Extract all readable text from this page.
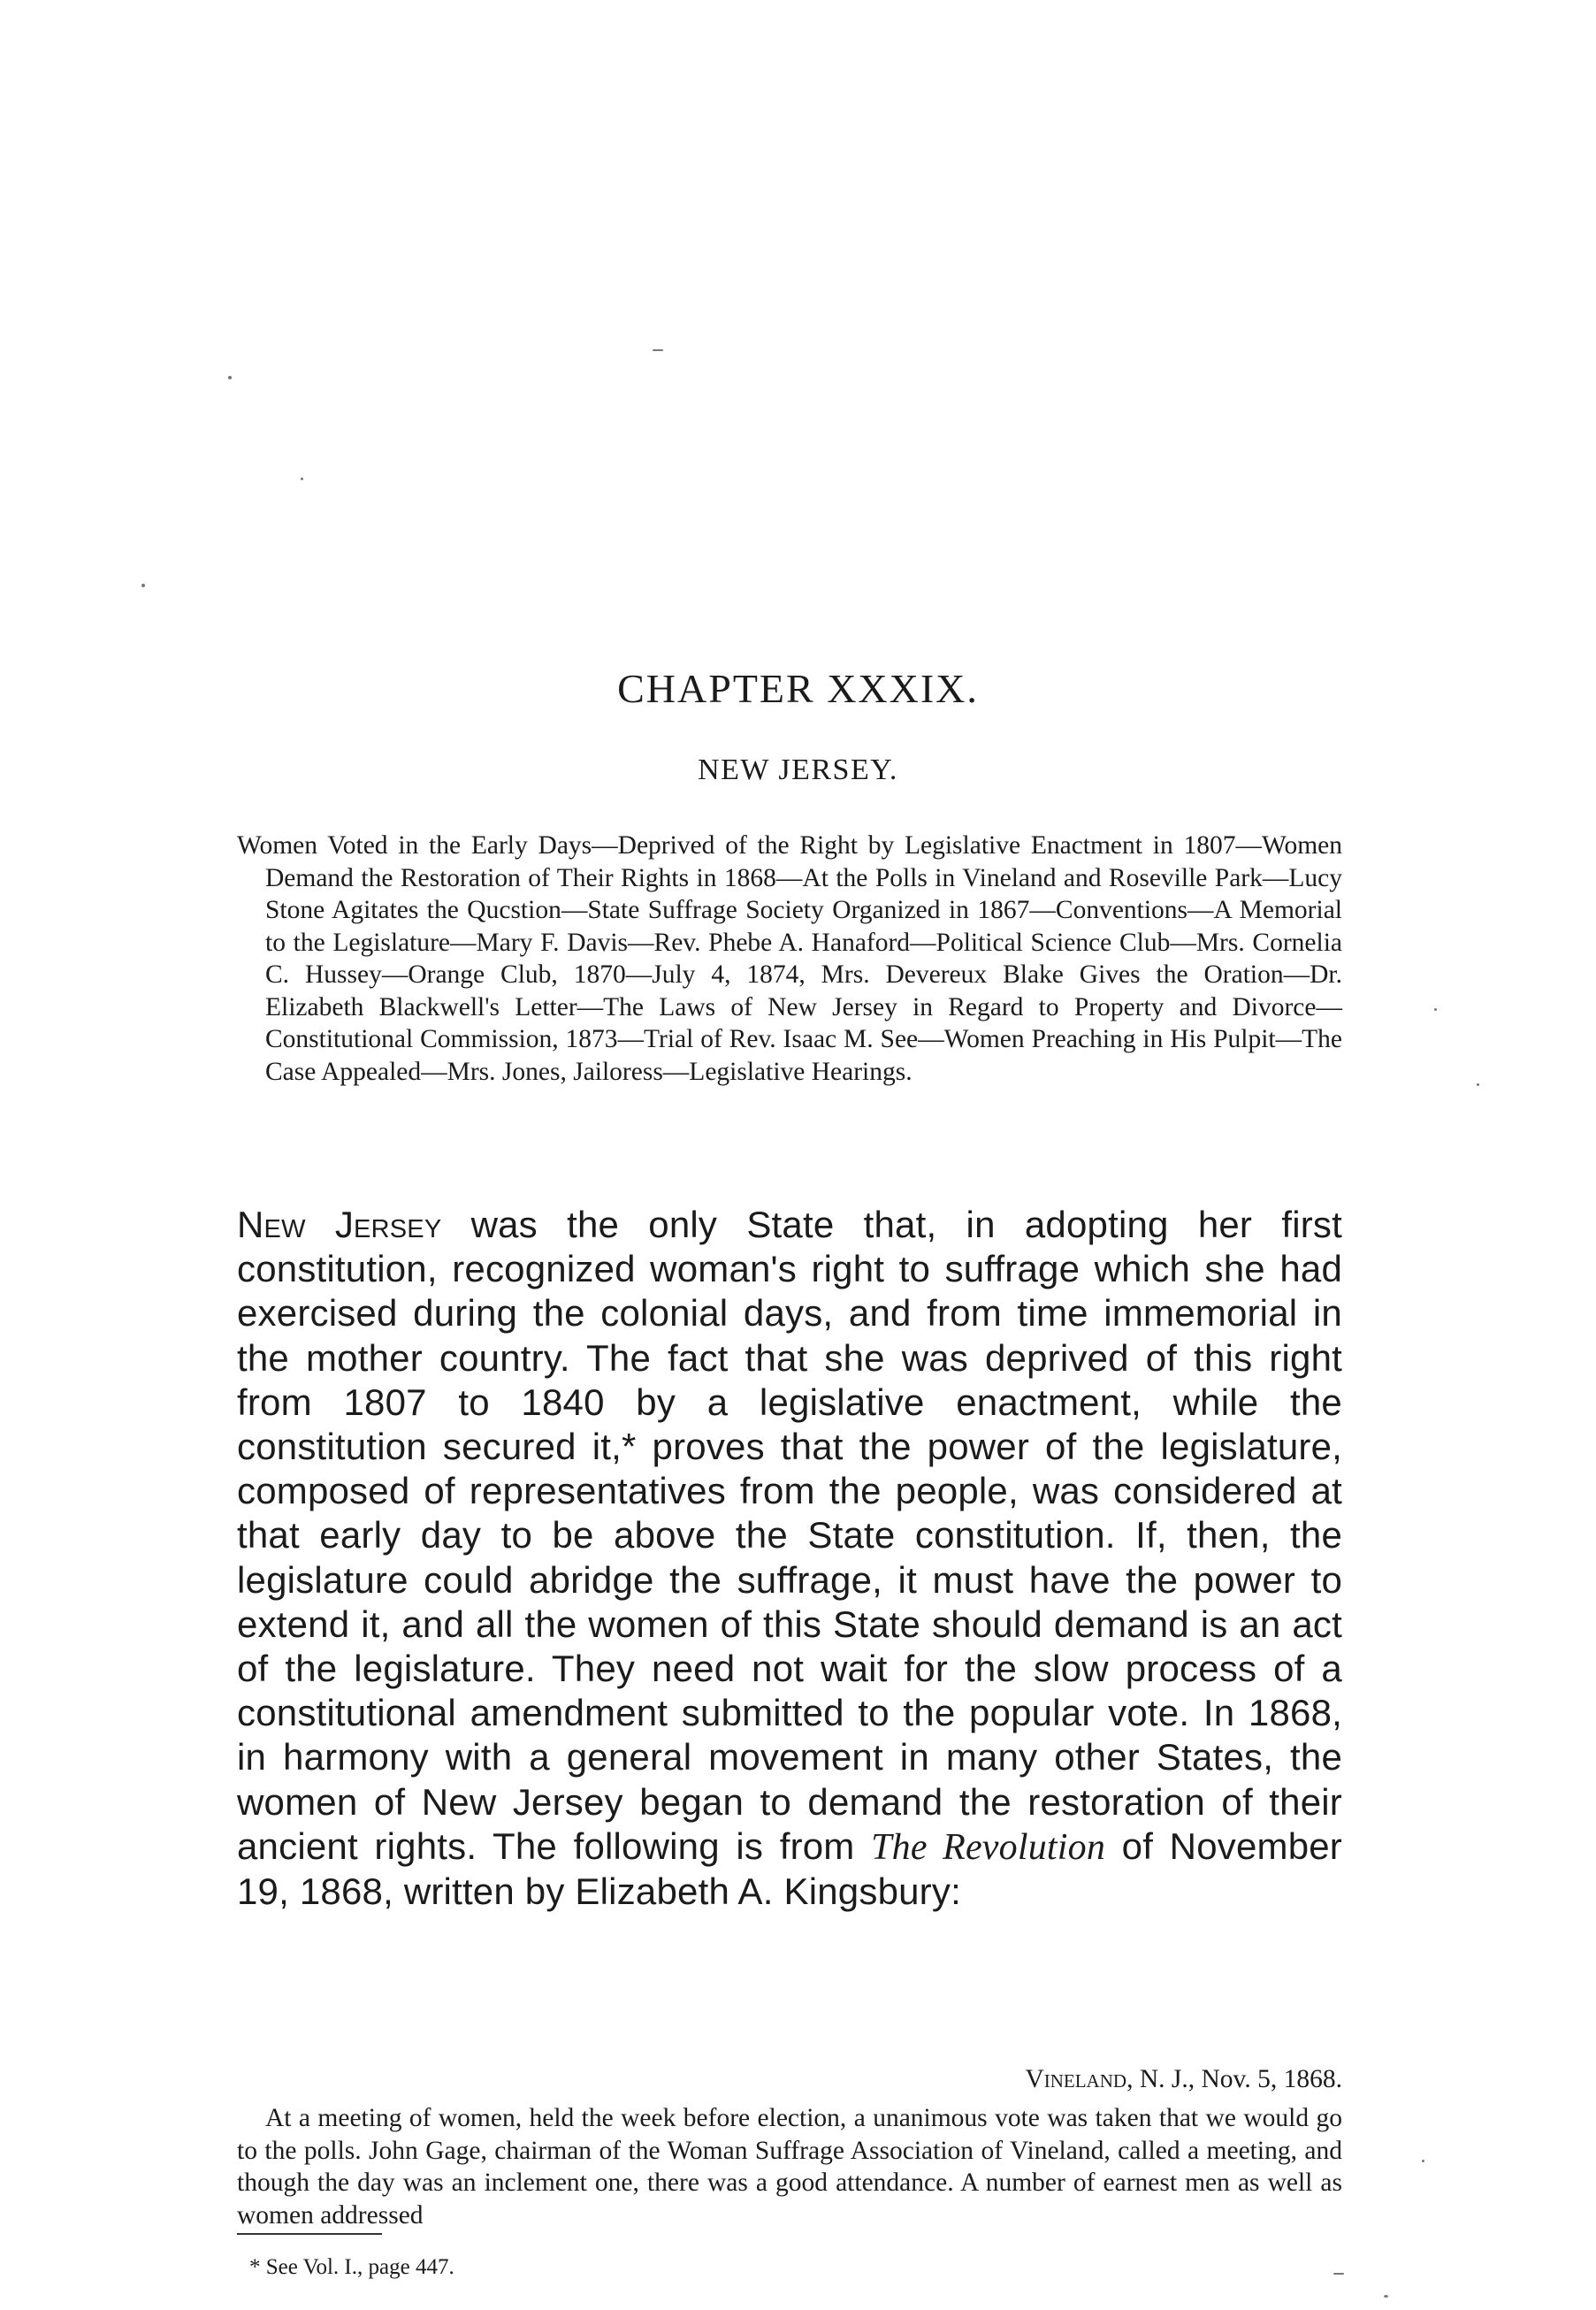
CHAPTER XXXIX.
NEW JERSEY.

Women Voted in the Early Days—Deprived of the Right by Legislative Enactment in 1807—Women Demand the Restoration of Their Rights in 1868—At the Polls in Vineland and Roseville Park—Lucy Stone Agitates the Qucstion—State Suffrage Society Organized in 1867—Conventions—A Memorial to the Legislature—Mary F. Davis—Rev. Phebe A. Hanaford—Political Science Club—Mrs. Cornelia C. Hussey—Orange Club, 1870—July 4, 1874, Mrs. Devereux Blake Gives the Oration—Dr. Elizabeth Blackwell's Letter—The Laws of New Jersey in Regard to Property and Divorce—Constitutional Commission, 1873—Trial of Rev. Isaac M. See—Women Preaching in His Pulpit—The Case Appealed—Mrs. Jones, Jailoress—Legislative Hearings.

New Jersey was the only State that, in adopting her first constitution, recognized woman's right to suffrage which she had exercised during the colonial days, and from time immemorial in the mother country. The fact that she was deprived of this right from 1807 to 1840 by a legislative enactment, while the constitution secured it,* proves that the power of the legislature, composed of representatives from the people, was considered at that early day to be above the State constitution. If, then, the legislature could abridge the suffrage, it must have the power to extend it, and all the women of this State should demand is an act of the legislature. They need not wait for the slow process of a constitutional amendment submitted to the popular vote. In 1868, in harmony with a general movement in many other States, the women of New Jersey began to demand the restoration of their ancient rights. The following is from The Revolution of November 19, 1868, written by Elizabeth A. Kingsbury:

Vineland, N. J., Nov. 5, 1868.

At a meeting of women, held the week before election, a unanimous vote was taken that we would go to the polls. John Gage, chairman of the Woman Suffrage Association of Vineland, called a meeting, and though the day was an inclement one, there was a good attendance. A number of earnest men as well as women addressed

* See Vol. I., page 447.
